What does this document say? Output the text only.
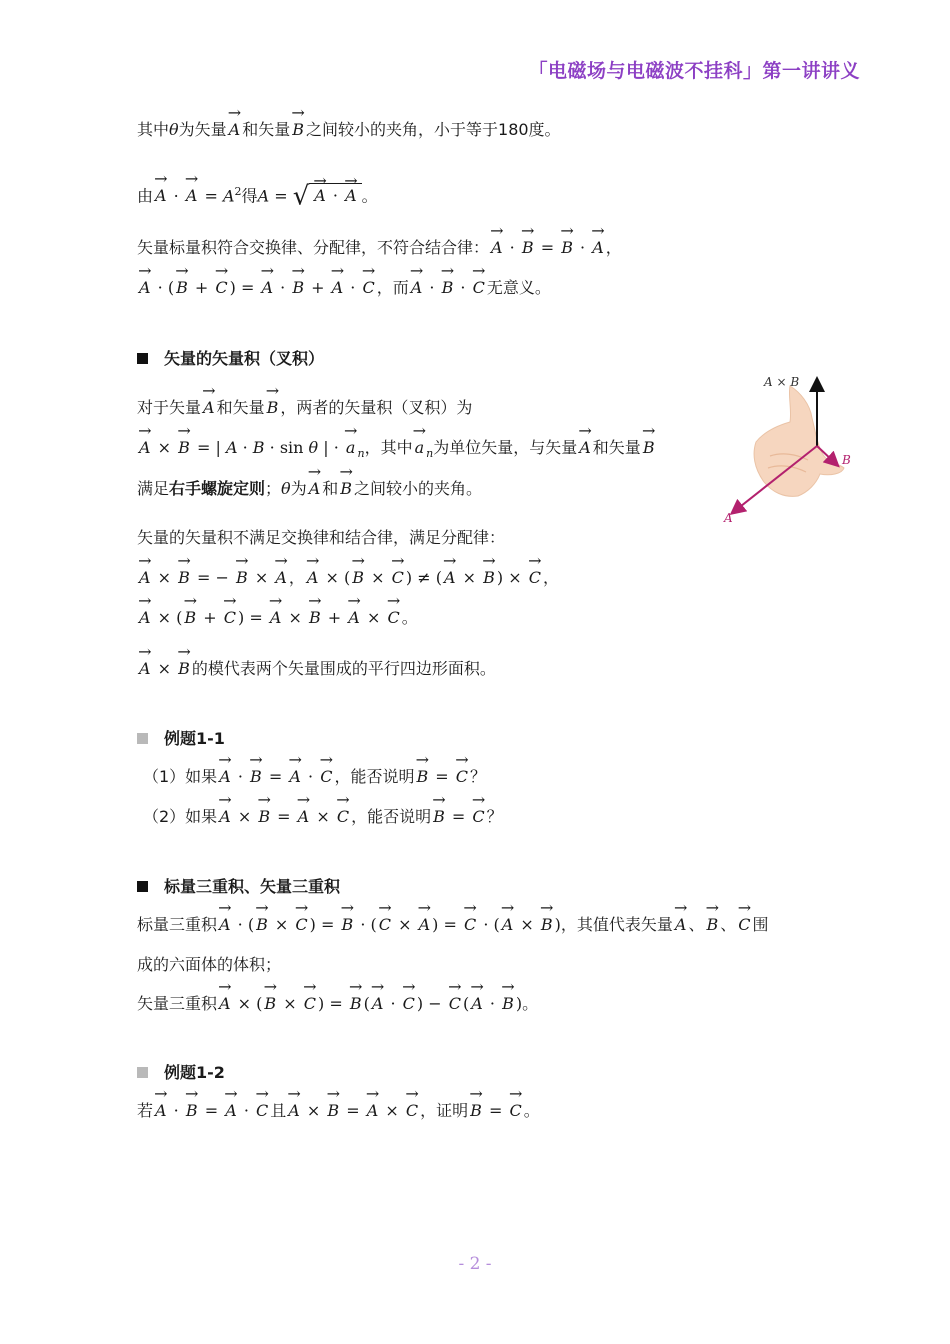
「电磁场与电磁波不挂科」第一讲讲义
其中θ为矢量 A → 和矢量 B → 之间较小的夹角，小于等于180度。
由 A → · A → = $A^2$得A = √ A → · A → 。
矢量标量积符合交换律、分配律，不符合结合律： A → · B → = B → · A → ，
A → · ( B → + C → ) = A → · B → + A → · C → ，而 A → · B → · C → 无意义。
矢量的矢量积（叉积）
对于矢量 A → 和矢量 B → ，两者的矢量积（叉积）为
A → × B → = | A · B · sin θ | · a → $_n$，其中 a → $_n$为单位矢量，与矢量 A → 和矢量 B →
满足右手螺旋定则；θ为 A → 和 B → 之间较小的夹角。
矢量的矢量积不满足交换律和结合律，满足分配律：
A → × B → = − B → × A → ， A → × ( B → × C → ) ≠ ( A → × B → ) × C → ，
A → × ( B → + C → ) = A → × B → + A → × C → 。
A → × B → 的模代表两个矢量围成的平行四边形面积。
例题1-1
（1）如果 A → · B → = A → · C → ，能否说明 B → = C → ？
（2）如果 A → × B → = A → × C → ，能否说明 B → = C → ？
标量三重积、矢量三重积
标量三重积 A → · ( B → × C → ) = B → · ( C → × A → ) = C → · ( A → × B → )，其值代表矢量 A → 、 B → 、 C → 围
成的六面体的体积；
矢量三重积 A → × ( B → × C → ) = B → ( A → · C → ) − C → ( A → · B → )。
例题1-2
若 A → · B → = A → · C → 且 A → × B → = A → × C → ，证明 B → = C → 。
A × B
B
A
- 2 -
